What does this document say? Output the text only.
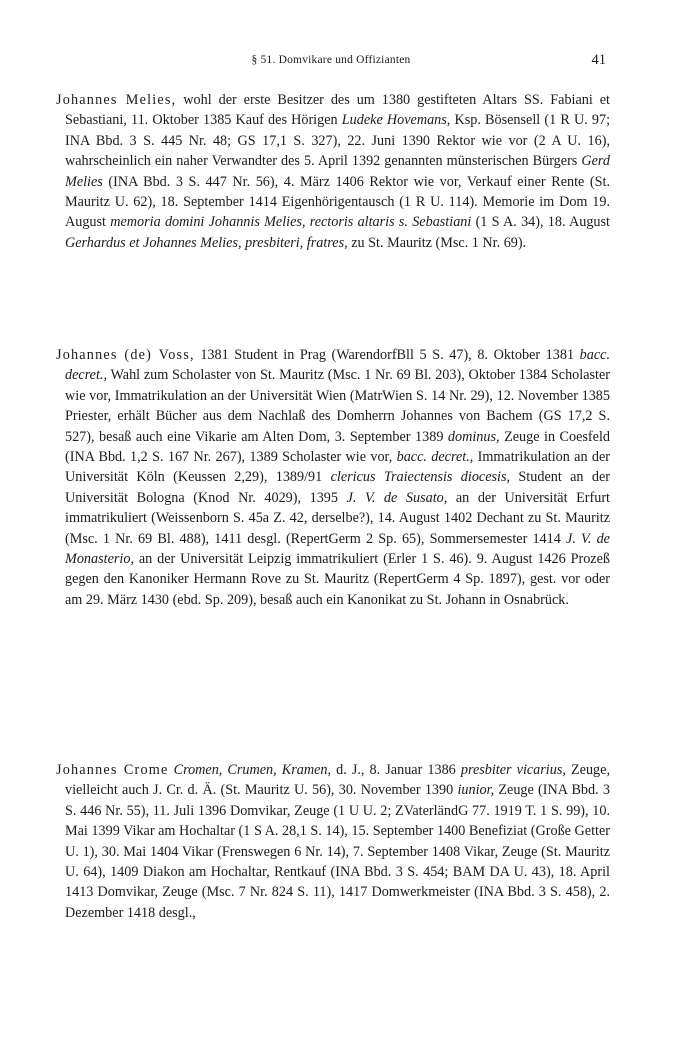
§ 51. Domvikare und Offizianten	41

Johannes Melies, wohl der erste Besitzer des um 1380 gestifteten Altars SS. Fabiani et Sebastiani, 11. Oktober 1385 Kauf des Hörigen Ludeke Hovemans, Ksp. Bösensell (1 R U. 97; INA Bbd. 3 S. 445 Nr. 48; GS 17,1 S. 327), 22. Juni 1390 Rektor wie vor (2 A U. 16), wahrscheinlich ein naher Verwandter des 5. April 1392 genannten münsterischen Bürgers Gerd Melies (INA Bbd. 3 S. 447 Nr. 56), 4. März 1406 Rektor wie vor, Verkauf einer Rente (St. Mauritz U. 62), 18. September 1414 Eigenhörigentausch (1 R U. 114). Memorie im Dom 19. August memoria domini Johannis Melies, rectoris altaris s. Sebastiani (1 S A. 34), 18. August Gerhardus et Johannes Melies, presbiteri, fratres, zu St. Mauritz (Msc. 1 Nr. 69).

Johannes (de) Voss, 1381 Student in Prag (WarendorfBll 5 S. 47), 8. Oktober 1381 bacc. decret., Wahl zum Scholaster von St. Mauritz (Msc. 1 Nr. 69 Bl. 203), Oktober 1384 Scholaster wie vor, Immatrikulation an der Universität Wien (MatrWien S. 14 Nr. 29), 12. November 1385 Priester, erhält Bücher aus dem Nachlaß des Domherrn Johannes von Bachem (GS 17,2 S. 527), besaß auch eine Vikarie am Alten Dom, 3. September 1389 dominus, Zeuge in Coesfeld (INA Bbd. 1,2 S. 167 Nr. 267), 1389 Scholaster wie vor, bacc. decret., Immatrikulation an der Universität Köln (Keussen 2,29), 1389/91 clericus Traiectensis diocesis, Student an der Universität Bologna (Knod Nr. 4029), 1395 J. V. de Susato, an der Universität Erfurt immatrikuliert (Weissenborn S. 45a Z. 42, derselbe?), 14. August 1402 Dechant zu St. Mauritz (Msc. 1 Nr. 69 Bl. 488), 1411 desgl. (RepertGerm 2 Sp. 65), Sommersemester 1414 J. V. de Monasterio, an der Universität Leipzig immatrikuliert (Erler 1 S. 46). 9. August 1426 Prozeß gegen den Kanoniker Hermann Rove zu St. Mauritz (RepertGerm 4 Sp. 1897), gest. vor oder am 29. März 1430 (ebd. Sp. 209), besaß auch ein Kanonikat zu St. Johann in Osnabrück.

Johannes Crome Cromen, Crumen, Kramen, d. J., 8. Januar 1386 presbiter vicarius, Zeuge, vielleicht auch J. Cr. d. Ä. (St. Mauritz U. 56), 30. November 1390 iunior, Zeuge (INA Bbd. 3 S. 446 Nr. 55), 11. Juli 1396 Domvikar, Zeuge (1 U U. 2; ZVaterländG 77. 1919 T. 1 S. 99), 10. Mai 1399 Vikar am Hochaltar (1 S A. 28,1 S. 14), 15. September 1400 Benefiziat (Große Getter U. 1), 30. Mai 1404 Vikar (Frenswegen 6 Nr. 14), 7. September 1408 Vikar, Zeuge (St. Mauritz U. 64), 1409 Diakon am Hochaltar, Rentkauf (INA Bbd. 3 S. 454; BAM DA U. 43), 18. April 1413 Domvikar, Zeuge (Msc. 7 Nr. 824 S. 11), 1417 Domwerkmeister (INA Bbd. 3 S. 458), 2. Dezember 1418 desgl.,
